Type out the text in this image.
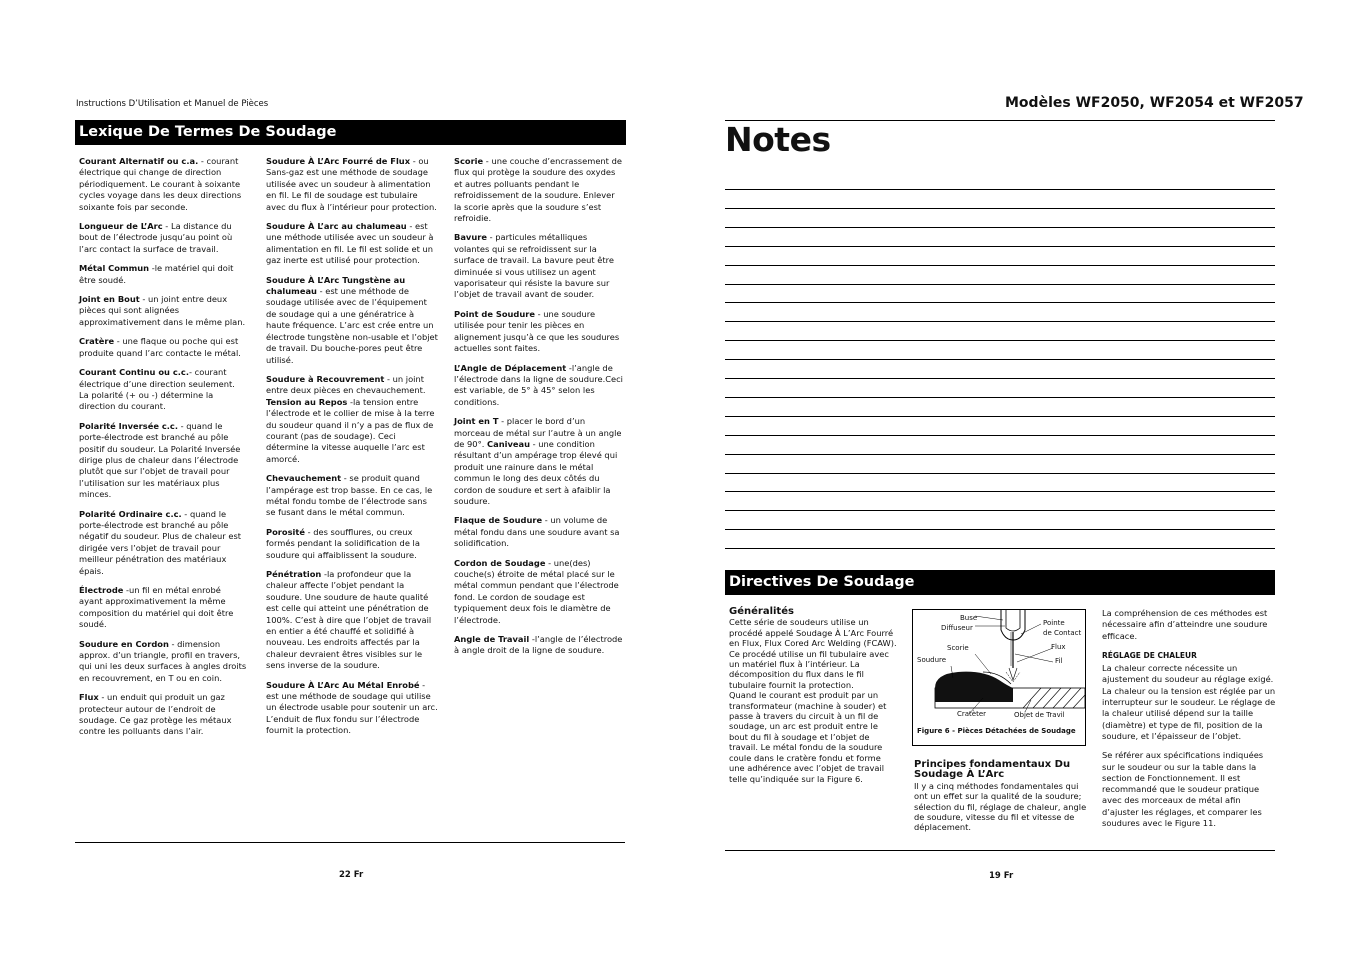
Instructions D’Utilisation et Manuel de Pièces	Modèles WF2050, WF2054 et WF2057
Lexique De Termes De Soudage

Courant Alternatif ou c.a. - courant électrique qui change de direction périodiquement. Le courant à soixante cycles voyage dans les deux directions soixante fois par seconde.

Longueur de L’Arc - La distance du bout de l’électrode jusqu’au point où l’arc contact la surface de travail.

Métal Commun -le matériel qui doit être soudé.

Joint en Bout - un joint entre deux pièces qui sont alignées approximativement dans le même plan.

Cratère - une flaque ou poche qui est produite quand l’arc contacte le métal.

Courant Continu ou c.c.- courant électrique d’une direction seulement. La polarité (+ ou -) détermine la direction du courant.

Polarité Inversée c.c. - quand le porte-électrode est branché au pôle positif du soudeur. La Polarité Inversée dirige plus de chaleur dans l’électrode plutôt que sur l’objet de travail pour l’utilisation sur les matériaux plus minces.

Polarité Ordinaire c.c. - quand le porte-électrode est branché au pôle négatif du soudeur. Plus de chaleur est dirigée vers l’objet de travail pour meilleur pénétration des matériaux épais.

Électrode -un fil en métal enrobé ayant approximativement la même composition du matériel qui doit être soudé.

Soudure en Cordon - dimension approx. d’un triangle, profil en travers, qui uni les deux surfaces à angles droits en recouvrement, en T ou en coin.

Flux - un enduit qui produit un gaz protecteur autour de l’endroit de soudage. Ce gaz protège les métaux contre les polluants dans l’air.

Soudure À L’Arc Fourré de Flux - ou Sans-gaz est une méthode de soudage utilisée avec un soudeur à alimentation en fil. Le fil de soudage est tubulaire avec du flux à l’intérieur pour protection.

Soudure À L’arc au chalumeau - est une méthode utilisée avec un soudeur à alimentation en fil. Le fil est solide et un gaz inerte est utilisé pour protection.

Soudure À L’Arc Tungstène au chalumeau - est une méthode de soudage utilisée avec de l’équipement de soudage qui a une génératrice à haute fréquence. L’arc est crée entre un électrode tungstène non-usable et l’objet de travail. Du bouche-pores peut être utilisé.

Soudure à Recouvrement - un joint entre deux pièces en chevauchement.
Tension au Repos -la tension entre l’électrode et le collier de mise à la terre du soudeur quand il n’y a pas de flux de courant (pas de soudage). Ceci détermine la vitesse auquelle l’arc est amorcé.

Chevauchement - se produit quand l’ampérage est trop basse. En ce cas, le métal fondu tombe de l’électrode sans se fusant dans le métal commun.

Porosité - des soufflures, ou creux formés pendant la solidification de la soudure qui affaiblissent la soudure.

Pénétration -la profondeur que la chaleur affecte l’objet pendant la soudure. Une soudure de haute qualité est celle qui atteint une pénétration de 100%. C’est à dire que l’objet de travail en entier a été chauffé et solidifié à nouveau. Les endroits affectés par la chaleur devraient êtres visibles sur le sens inverse de la soudure.

Soudure À L’Arc Au Métal Enrobé - est une méthode de soudage qui utilise un électrode usable pour soutenir un arc. L’enduit de flux fondu sur l’électrode fournit la protection.

Scorie - une couche d’encrassement de flux qui protège la soudure des oxydes et autres polluants pendant le refroidissement de la soudure. Enlever la scorie après que la soudure s’est refroidie.

Bavure - particules métalliques volantes qui se refroidissent sur la surface de travail. La bavure peut être diminuée si vous utilisez un agent vaporisateur qui résiste la bavure sur l’objet de travail avant de souder.

Point de Soudure - une soudure utilisée pour tenir les pièces en alignement jusqu’à ce que les soudures actuelles sont faites.

L’Angle de Déplacement -l’angle de l’électrode dans la ligne de soudure.Ceci est variable, de 5° à 45° selon les conditions.

Joint en T - placer le bord d’un morceau de métal sur l’autre à un angle de 90°. Caniveau - une condition résultant d’un ampérage trop élevé qui produit une rainure dans le métal commun le long des deux côtés du cordon de soudure et sert à afaiblir la soudure.

Flaque de Soudure - un volume de métal fondu dans une soudure avant sa solidification.

Cordon de Soudage - une(des) couche(s) étroite de métal placé sur le métal commun pendant que l’électrode fond. Le cordon de soudage est typiquement deux fois le diamètre de l’électrode.

Angle de Travail -l’angle de l’électrode à angle droit de la ligne de soudure.

22 Fr
Notes
Directives De Soudage
Généralités
Cette série de soudeurs utilise un procédé appelé Soudage À L’Arc Fourré en Flux, Flux Cored Arc Welding (FCAW). Ce procédé utilise un fil tubulaire avec un matériel flux à l’intérieur. La décomposition du flux dans le fil tubulaire fournit la protection.
Quand le courant est produit par un transformateur (machine à souder) et passe à travers du circuit à un fil de soudage, un arc est produit entre le bout du fil à soudage et l’objet de travail. Le métal fondu de la soudure coule dans le cratère fondu et forme une adhérence avec l’objet de travail telle qu’indiquée sur la Figure 6.
Buse
Diffuseur
Pointe
de Contact
Scorie	Flux
Soudure	Fil
Cratèter	Objet de Travil
Figure 6 - Pièces Détachées de Soudage
Principes fondamentaux Du Soudage À L’Arc
Il y a cinq méthodes fondamentales qui ont un effet sur la qualité de la soudure; sélection du fil, réglage de chaleur, angle de soudure, vitesse du fil et vitesse de déplacement.

La compréhension de ces méthodes est nécessaire afin d’atteindre une soudure efficace.

RÉGLAGE DE CHALEUR

La chaleur correcte nécessite un ajustement du soudeur au réglage exigé. La chaleur ou la tension est réglée par un interrupteur sur le soudeur. Le réglage de la chaleur utilisé dépend sur la taille (diamètre) et type de fil, position de la soudure, et l’épaisseur de l’objet.

Se référer aux spécifications indiquées sur le soudeur ou sur la table dans la section de Fonctionnement. Il est recommandé que le soudeur pratique avec des morceaux de métal afin d’ajuster les réglages, et comparer les soudures avec le Figure 11.

19 Fr
